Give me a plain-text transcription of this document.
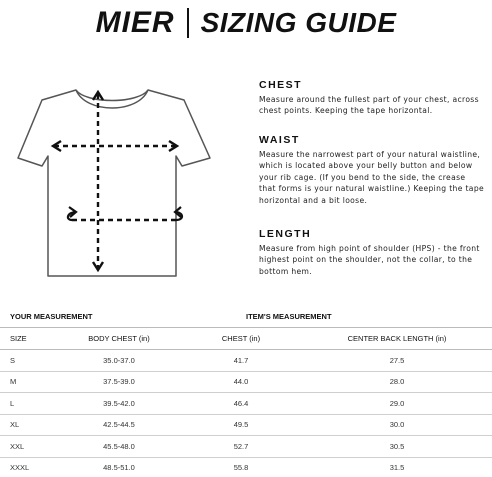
MIER SIZING GUIDE
CHEST

Measure around the fullest part of your chest, across chest points. Keeping the tape horizontal.

WAIST

Measure the narrowest part of your natural waistline, which is located above your belly button and below your rib cage. (If you bend to the side, the crease that forms is your natural waistline.) Keeping the tape horizontal and a bit loose.

LENGTH

Measure from high point of shoulder (HPS) - the front highest point on the shoulder, not the collar, to the bottom hem.

YOUR MEASUREMENT	ITEM'S MEASUREMENT
SIZE	BODY CHEST (in)	CHEST (in)	CENTER BACK LENGTH (in)
S	35.0-37.0	41.7	27.5
M	37.5-39.0	44.0	28.0
L	39.5-42.0	46.4	29.0
XL	42.5-44.5	49.5	30.0
XXL	45.5-48.0	52.7	30.5
XXXL	48.5-51.0	55.8	31.5
